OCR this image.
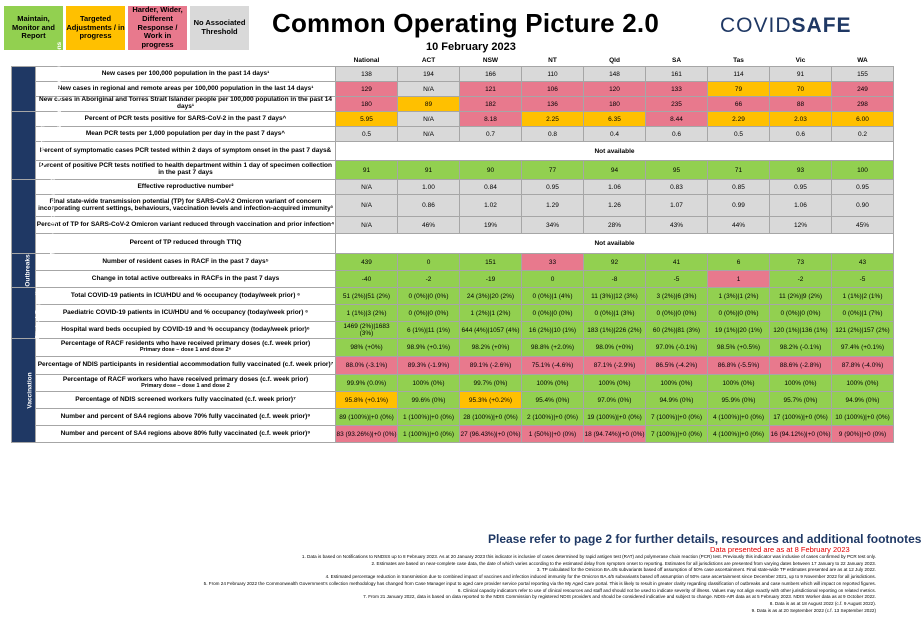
Maintain, Monitor and Report
Targeted Adjustments / in progress
Harder, Wider, Different Response / Work in progress
No Associated Threshold	Common Operating Picture 2.0
10 February 2023
COVIDSAFE
		National	ACT	NSW	NT	Qld	SA	Tas	Vic	WA
Cases and priority populations	New cases per 100,000 population in the past 14 days¹	138	194	166	110	148	161	114	91	155
	New cases in regional and remote areas per 100,000 population in the last 14 days¹	129	N/A	121	106	120	133	79	70	249
	New cases in Aboriginal and Torres Strait Islander people per 100,000 population in the past 14 days¹	180	89	182	136	180	235	66	88	298
TTIQ new indicators	Percent of PCR tests positive for SARS-CoV-2 in the past 7 days^	5.95	N/A	8.18	2.25	6.35	8.44	2.29	2.03	6.00
	Mean PCR tests per 1,000 population per day in the past 7 days^	0.5	N/A	0.7	0.8	0.4	0.6	0.5	0.6	0.2
	Percent of symptomatic cases PCR tested within 2 days of symptom onset in the past 7 days&	Not available								
	Percent of positive PCR tests notified to health department within 1 day of specimen collection in the past 7 days	91	91	90	77	94	95	71	93	100
Modelled epidemic activity	Effective reproductive number²	N/A	1.00	0.84	0.95	1.06	0.83	0.85	0.95	0.95
	Final state-wide transmission potential (TP) for SARS-CoV-2 Omicron variant of concern incorporating current settings, behaviours, vaccination levels and infection-acquired immunity³	N/A	0.86	1.02	1.29	1.26	1.07	0.99	1.06	0.90
	Percent of TP for SARS-CoV-2 Omicron variant reduced through vaccination and prior infection⁴	N/A	46%	19%	34%	28%	43%	44%	12%	45%
	Percent of TP reduced through TTIQ	Not available								
Outbreaks	Number of resident cases in RACF in the past 7 days⁵	439	0	151	33	92	41	6	73	43
	Change in total active outbreaks in RACFs in the past 7 days	-40	-2	-19	0	-8	-5	1	-2	-5
Clinical Capacity	Total COVID-19 patients in ICU/HDU and % occupancy (today/week prior) ⁶	51 (2%)|51 (2%)	0 (0%)|0 (0%)	24 (3%)|20 (2%)	0 (0%)|1 (4%)	11 (3%)|12 (3%)	3 (2%)|6 (3%)	1 (3%)|1 (2%)	11 (2%)|9 (2%)	1 (1%)|2 (1%)
	Paediatric COVID-19 patients in ICU/HDU and % occupancy (today/week prior) ⁶	1 (1%)|3 (2%)	0 (0%)|0 (0%)	1 (2%)|1 (2%)	0 (0%)|0 (0%)	0 (0%)|1 (3%)	0 (0%)|0 (0%)	0 (0%)|0 (0%)	0 (0%)|0 (0%)	0 (0%)|1 (7%)
	Hospital ward beds occupied by COVID-19 and % occupancy (today/week prior)⁶	1469 (2%)|1683 (3%)	6 (1%)|11 (1%)	644 (4%)|1057 (4%)	16 (2%)|10 (1%)	183 (1%)|226 (2%)	60 (2%)|81 (3%)	19 (1%)|20 (1%)	120 (1%)|136 (1%)	121 (2%)|157 (2%)
Vaccination	Percentage of RACF residents who have received primary doses (c.f. week prior)
Primary dose – dose 1 and dose 2⁸	98% (+0%)	98.9% (+0.1%)	98.2% (+0%)	98.8% (+2.0%)	98.0% (+0%)	97.0% (-0.1%)	98.5% (+0.5%)	98.2% (-0.1%)	97.4% (+0.1%)
	Percentage of NDIS participants in residential accommodation fully vaccinated (c.f. week prior)⁷	88.0% (-3.1%)	89.3% (-1.9%)	89.1% (-2.6%)	75.1% (-4.6%)	87.1% (-2.9%)	86.5% (-4.2%)	86.8% (-5.5%)	88.6% (-2.8%)	87.8% (-4.0%)
	Percentage of RACF workers who have received primary doses (c.f. week prior)
Primary dose – dose 1 and dose 2	99.9% (0.0%)	100% (0%)	99.7% (0%)	100% (0%)	100% (0%)	100% (0%)	100% (0%)	100% (0%)	100% (0%)
	Percentage of NDIS screened workers fully vaccinated (c.f. week prior)⁷	95.8% (+0.1%)	99.6% (0%)	95.3% (+0.2%)	95.4% (0%)	97.0% (0%)	94.9% (0%)	95.9% (0%)	95.7% (0%)	94.9% (0%)
	Number and percent of SA4 regions above 70% fully vaccinated (c.f. week prior)⁹	89 (100%)|+0 (0%)	1 (100%)|+0 (0%)	28 (100%)|+0 (0%)	2 (100%)|+0 (0%)	19 (100%)|+0 (0%)	7 (100%)|+0 (0%)	4 (100%)|+0 (0%)	17 (100%)|+0 (0%)	10 (100%)|+0 (0%)
	Number and percent of SA4 regions above 80% fully vaccinated (c.f. week prior)⁹	83 (93.26%)|+0 (0%)	1 (100%)|+0 (0%)	27 (96.43%)|+0 (0%)	1 (50%)|+0 (0%)	18 (94.74%)|+0 (0%)	7 (100%)|+0 (0%)	4 (100%)|+0 (0%)	16 (94.12%)|+0 (0%)	9 (90%)|+0 (0%)
Please refer to page 2 for further details, resources and additional footnotes
Data presented are as at 8 February 2023
1. Data is based on Notifications to NNDSS up to 8 February 2023. As at 20 January 2023 this indicator is inclusive of cases determined by rapid antigen test (RAT) and polymerase chain reaction (PCR) test. Previously this indicator was inclusive of cases confirmed by PCR test only.
2. Estimates are based on near-complete case data, the date of which varies according to the estimated delay from symptom onset to reporting. Estimates for all jurisdictions are presented from varying dates between 17 January to 22 January 2023.
3. TP calculated for the Omicron BA.4/5 subvariants based off assumption of 50% case ascertainment. Final state-wide TP estimates presented are as at 12 July 2022.
4. Estimated percentage reduction in transmission due to combined impact of vaccines and infection induced immunity for the Omicron BA.4/5 subvariants based off assumption of 50% case ascertainment since December 2021, up to 9 November 2022 for all jurisdictions.
5. From 24 February 2022 the Commonwealth Government's collection methodology has changed from Case Manager input to aged care provider service portal reporting via the My Aged Care portal. This is likely to result in greater clarity regarding classification of outbreaks and case numbers which will impact on reported figures.
6. Clinical capacity indicators refer to use of clinical resources and staff and should not be used to indicate severity of illness. Values may not align exactly with other jurisdictional reporting on related metrics.
7. From 21 January 2022, data is based on data reported to the NDIS Commission by registered NDIS providers and should be considered indicative and subject to change. NDIS-AIR data as at 5 February 2023. NDIS Worker data as at 9 October 2022.
8. Data is as at 18 August 2022 (c.f. 9 August 2022).
9. Data is as at 20 September 2022 (c.f. 13 September 2022)
